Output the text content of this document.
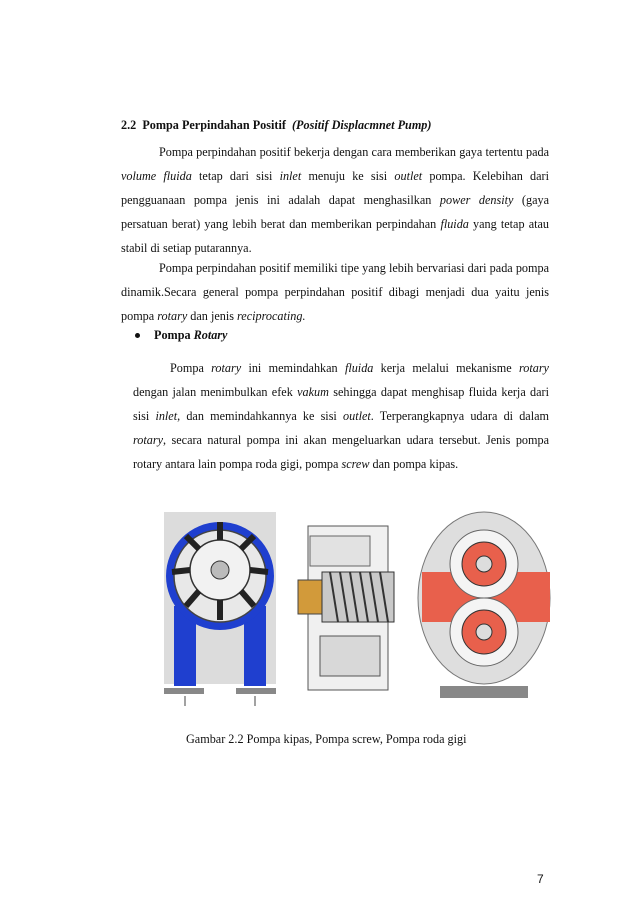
2.2 Pompa Perpindahan Positif (Positif Displacmnet Pump)

Pompa perpindahan positif bekerja dengan cara memberikan gaya tertentu pada volume fluida tetap dari sisi inlet menuju ke sisi outlet pompa. Kelebihan dari pengguanaan pompa jenis ini adalah dapat menghasilkan power density (gaya persatuan berat) yang lebih berat dan memberikan perpindahan fluida yang tetap atau stabil di setiap putarannya.

Pompa perpindahan positif memiliki tipe yang lebih bervariasi dari pada pompa dinamik.Secara general pompa perpindahan positif dibagi menjadi dua yaitu jenis pompa rotary dan jenis reciprocating.

Pompa Rotary

Pompa rotary ini memindahkan fluida kerja melalui mekanisme rotary dengan jalan menimbulkan efek vakum sehingga dapat menghisap fluida kerja dari sisi inlet, dan memindahkannya ke sisi outlet. Terperangkapnya udara di dalam rotary, secara natural pompa ini akan mengeluarkan udara tersebut. Jenis pompa rotary antara lain pompa roda gigi, pompa screw dan pompa kipas.

Gambar 2.2 Pompa kipas, Pompa screw, Pompa roda gigi
7
